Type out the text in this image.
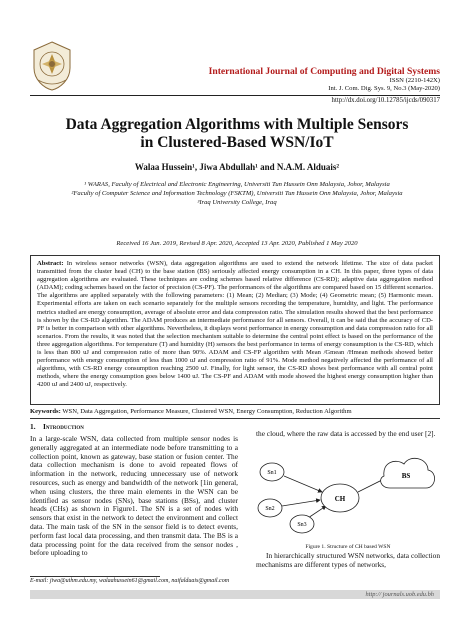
International Journal of Computing and Digital Systems
ISSN (2210-142X)
Int. J. Com. Dig. Sys. 9, No.3 (May-2020)
http://dx.doi.org/10.12785/ijcds/090317
Data Aggregation Algorithms with Multiple Sensors
in Clustered-Based WSN/IoT
Walaa Hussein¹, Jiwa Abdullah¹ and N.A.M. Alduais²
¹ WARAS, Faculty of Electrical and Electronic Engineering, Universiti Tun Hussein Onn Malaysia, Johor, Malaysia
²Faculty of Computer Science and Information Technology (FSKTM), Universiti Tun Hussein Onn Malaysia, Johor, Malaysia
³Iraq University College, Iraq
Received 16 Jun. 2019, Revised 8 Apr. 2020, Accepted 13 Apr. 2020, Published 1 May 2020
Abstract: In wireless sensor networks (WSN), data aggregation algorithms are used to extend the network lifetime. The size of data packet transmitted from the cluster head (CH) to the base station (BS) seriously affected energy consumption in a CH. In this paper, three types of data aggregation algorithms are evaluated. These techniques are coding schemes based relative difference (CS-RD); adaptive data aggregation method (ADAM); coding schemes based on the factor of precision (CS-PF). The performances of the algorithms are compared based on 15 different scenarios. The algorithms are applied separately with the following parameters: (1) Mean; (2) Median; (3) Mode; (4) Geometric mean; (5) Harmonic mean. Experimental efforts are taken on each scenario separately for the multiple sensors recording the temperature, humidity, and light. The performance metrics studied are energy consumption, average of absolute error and data compression ratio. The simulation results showed that the best performance is shown by the CS-RD algorithm. The ADAM produces an intermediate performance for all sensors. Overall, it can be said that the accuracy of CD-PF is better in comparison with other algorithms. Nevertheless, it displays worst performance in energy consumption and data compression ratio for all scenarios. From the results, it was noted that the selection mechanism suitable to determine the central point effect is based on the performance of the three aggregation algorithms. For temperature (T) and humidity (H) sensors the best performance in terms of energy consumption is the CS-RD, which is less than 800 uJ and compression ratio of more than 90%. ADAM and CS-FP algorithm with Mean /Gmean /Hmean methods showed better performance with energy consumption of less than 1000 uJ and compression ratio of 91%. Mode method negatively affected the performance of all algorithms, with CS-RD energy consumption reaching 2500 uJ. Finally, for light sensor, the CS-RD shows best performance with all central point methods, where the energy consumption goes below 1400 uJ. The CS-PF and ADAM with mode showed the highest energy consumption higher than 4200 uJ and 2400 uJ, respectively.
Keywords: WSN, Data Aggregation, Performance Measure, Clustered WSN, Energy Consumption, Reduction Algorithm
1. Introduction
In a large-scale WSN, data collected from multiple sensor nodes is generally aggregated at an intermediate node before transmitting to a collection point, known as gateway, base station or fusion center. The data collection mechanism is done to avoid repeated flows of information in the network, reducing unnecessary use of network resources, such as energy and bandwidth of the network [1in general, when using clusters, the three main elements in the WSN can be identified as sensor nodes (SNs), base stations (BSs), and cluster heads (CHs) as shown in Figure1. The SN is a set of nodes with sensors that exist in the network to detect the environment and collect data. The main task of the SN in the sensor field is to detect events, perform fast local data processing, and then transmit data. The BS is a data processing point for the data received from the sensor nodes , before uploading to
the cloud, where the raw data is accessed by the end user [2].
Sn1
Sn2
Sn3
CH
BS
Figure 1. Structure of CH based WSN
In hierarchically structured WSN networks, data collection mechanisms are different types of networks,
E-mail: jiwa@uthm.edu.my, walaahussein61@gmail.com, naifalduais@gmail.com
http:// journals.uob.edu.bh
